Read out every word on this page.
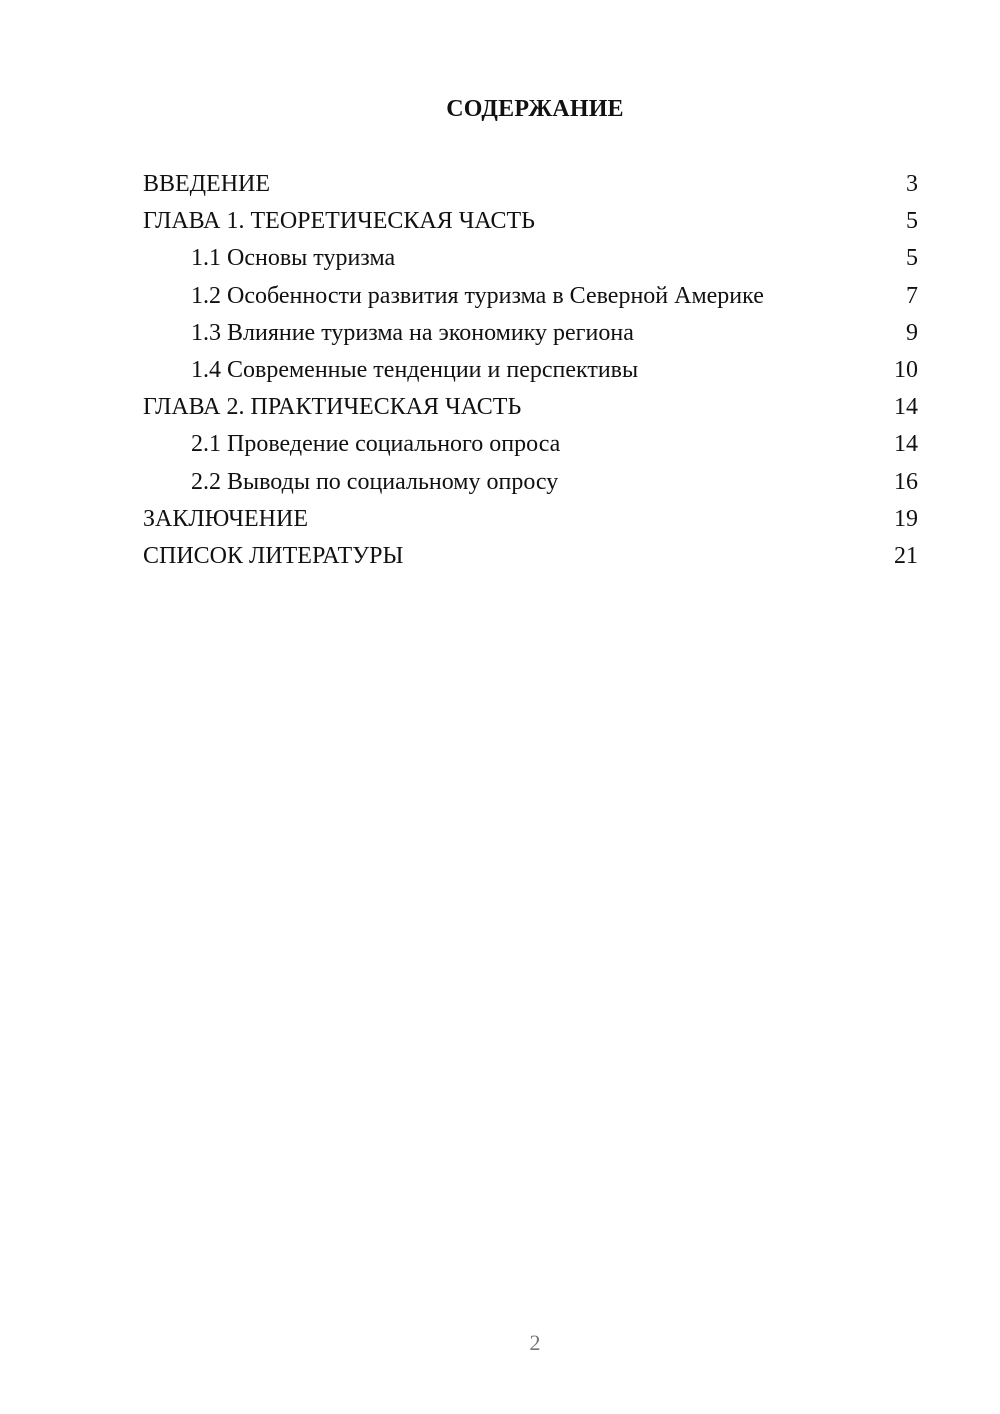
СОДЕРЖАНИЕ
ВВЕДЕНИЕ	3
ГЛАВА 1. ТЕОРЕТИЧЕСКАЯ ЧАСТЬ	5
1.1 Основы туризма	5
1.2 Особенности развития туризма в Северной Америке	7
1.3 Влияние туризма на экономику региона	9
1.4 Современные тенденции и перспективы	10
ГЛАВА 2. ПРАКТИЧЕСКАЯ ЧАСТЬ	14
2.1 Проведение социального опроса	14
2.2 Выводы по социальному опросу	16
ЗАКЛЮЧЕНИЕ	19
СПИСОК ЛИТЕРАТУРЫ	21
2
